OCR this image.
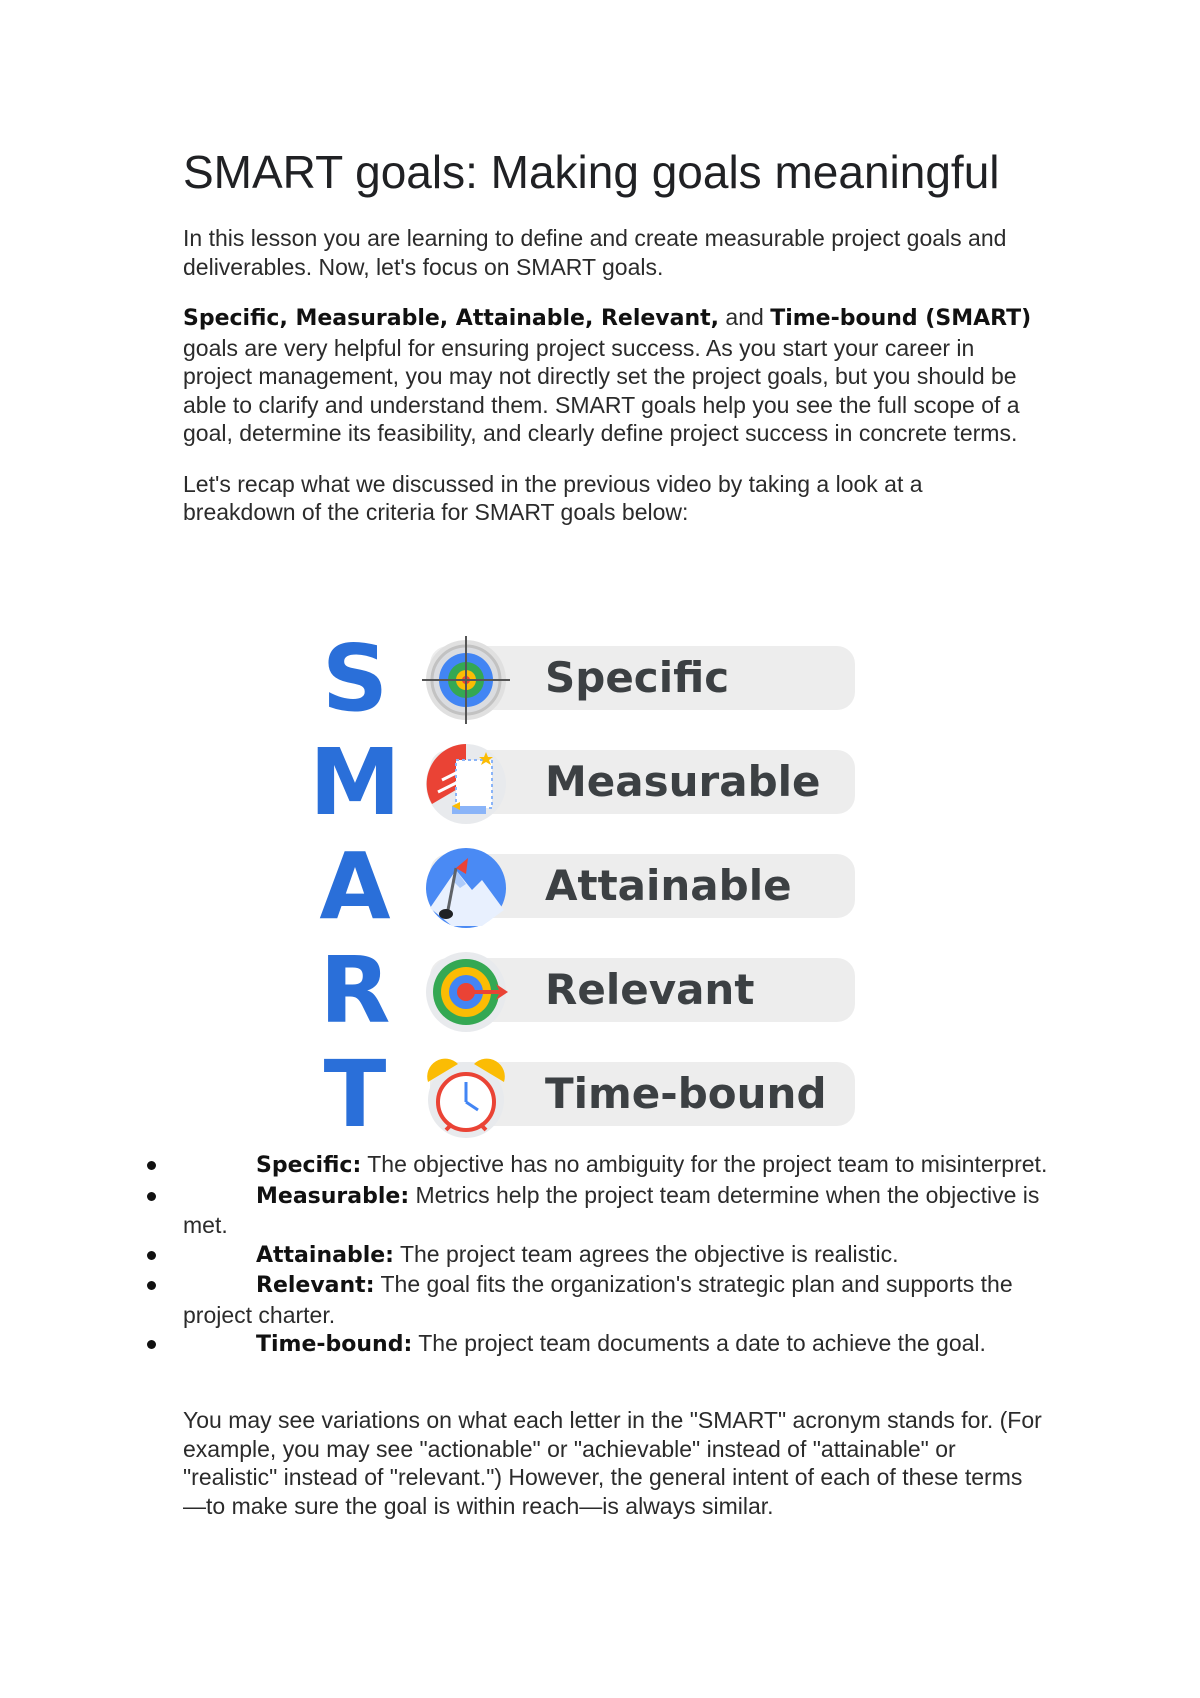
SMART goals: Making goals meaningful

In this lesson you are learning to define and create measurable project goals and deliverables. Now, let's focus on SMART goals.

Specific, Measurable, Attainable, Relevant, and Time-bound (SMART) goals are very helpful for ensuring project success. As you start your career in project management, you may not directly set the project goals, but you should be able to clarify and understand them. SMART goals help you see the full scope of a goal, determine its feasibility, and clearly define project success in concrete terms.

Let's recap what we discussed in the previous video by taking a look at a breakdown of the criteria for SMART goals below:

S	Specific
M	Measurable
A	Attainable
R	Relevant
T	Time-bound
Specific: The objective has no ambiguity for the project team to misinterpret.
Measurable: Metrics help the project team determine when the objective is met.
Attainable: The project team agrees the objective is realistic.
Relevant: The goal fits the organization's strategic plan and supports the project charter.
Time-bound: The project team documents a date to achieve the goal.

You may see variations on what each letter in the "SMART" acronym stands for. (For example, you may see "actionable" or "achievable" instead of "attainable" or "realistic" instead of "relevant.") However, the general intent of each of these terms—to make sure the goal is within reach—is always similar.
